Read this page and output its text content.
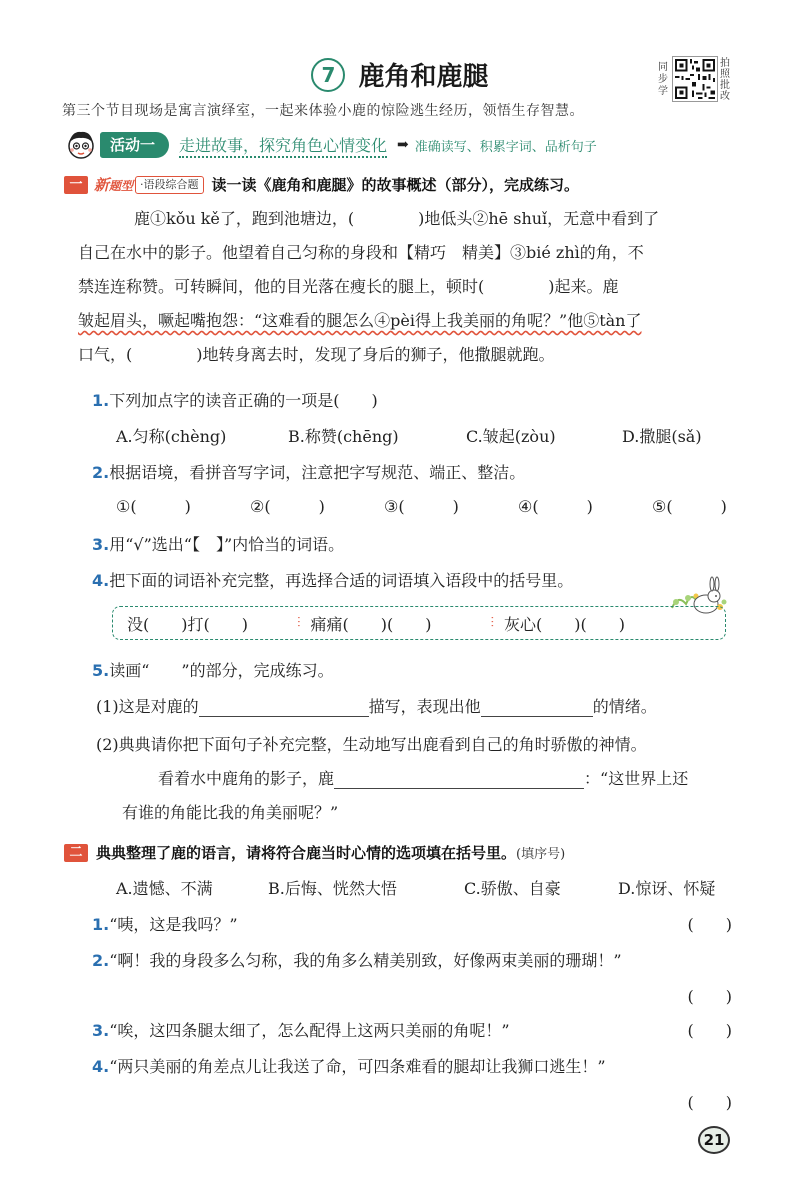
7 鹿角和鹿腿	同
步
学
拍
照
批
改
第三个节目现场是寓言演绎室，一起来体验小鹿的惊险逃生经历，领悟生存智慧。
活动一	走进故事，探究角色心情变化 ➡ 准确读写、积累字词、品析句子
一 新题型 ·语段综合题 读一读《鹿角和鹿腿》的故事概述（部分），完成练习。
鹿①kǒu kě了，跑到池塘边，(　　　　)地低头②hē shuǐ，无意中看到了
自己在水中的影子。他望着自己匀称的身段和【精巧　精美】③bié zhì的角，不
禁连连称赞。可转瞬间，他的目光落在瘦长的腿上，顿时(　　　　)起来。鹿
皱起眉头，噘起嘴抱怨：“这难看的腿怎么④pèi得上我美丽的角呢？”他⑤tàn了
口气，(　　　　)地转身离去时，发现了身后的狮子，他撒腿就跑。
1.下列加点字的读音正确的一项是(　　)
A.匀称(chèng)	B.称赞(chēng)	C.皱起(zòu)	D.撒腿(sǎ)
2.根据语境，看拼音写字词，注意把字写规范、端正、整洁。
①(　　　)	②(　　　)	③(　　　)	④(　　　)	⑤(　　　)
3.用“√”选出“【　】”内恰当的词语。
4.把下面的词语补充完整，再选择合适的词语填入语段中的括号里。
没(　　)打(　　)	⫶ 痛痛(　　)(　　)	⫶ 灰心(　　)(　　)
5.读画“　　”的部分，完成练习。
(1)这是对鹿的	描写，表现出他	的情绪。
(2)典典请你把下面句子补充完整，生动地写出鹿看到自己的角时骄傲的神情。
看着水中鹿角的影子，鹿	：“这世界上还
有谁的角能比我的角美丽呢？”
二 典典整理了鹿的语言，请将符合鹿当时心情的选项填在括号里。 (填序号)
A.遗憾、不满	B.后悔、恍然大悟	C.骄傲、自豪	D.惊讶、怀疑
1.“咦，这是我吗？”	(　　)
2.“啊！我的身段多么匀称，我的角多么精美别致，好像两束美丽的珊瑚！”
(　　)
3.“唉，这四条腿太细了，怎么配得上这两只美丽的角呢！”	(　　)
4.“两只美丽的角差点儿让我送了命，可四条难看的腿却让我狮口逃生！”
(　　)
21
